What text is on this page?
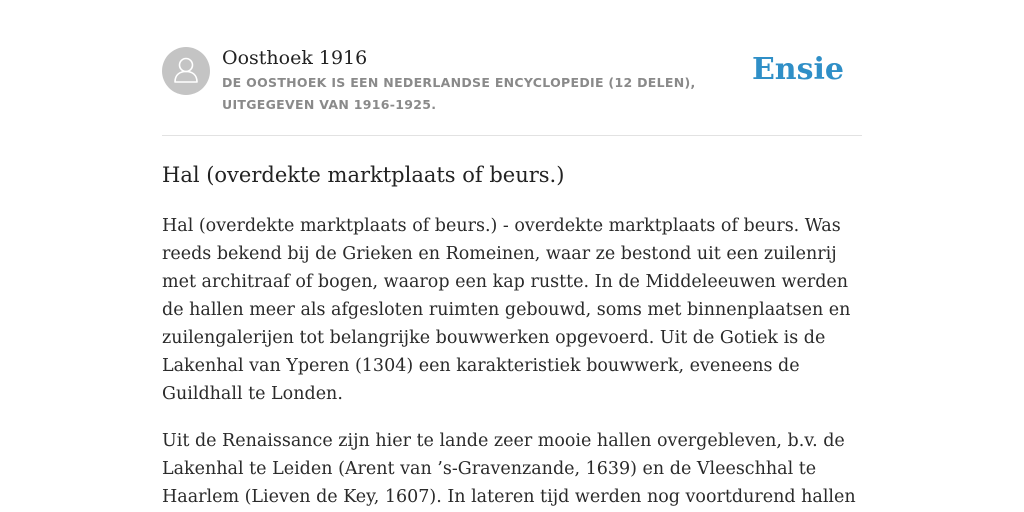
Oosthoek 1916
DE OOSTHOEK IS EEN NEDERLANDSE ENCYCLOPEDIE (12 DELEN), UITGEGEVEN VAN 1916-1925.
Ensie
Hal (overdekte marktplaats of beurs.)

Hal (overdekte marktplaats of beurs.) - overdekte marktplaats of beurs. Was reeds bekend bij de Grieken en Romeinen, waar ze bestond uit een zuilenrij met architraaf of bogen, waarop een kap rustte. In de Middeleeuwen werden de hallen meer als afgesloten ruimten gebouwd, soms met binnenplaatsen en zuilengalerijen tot belangrijke bouwwerken opgevoerd. Uit de Gotiek is de Lakenhal van Yperen (1304) een karakteristiek bouwwerk, eveneens de Guildhall te Londen.

Uit de Renaissance zijn hier te lande zeer mooie hallen overgebleven, b.v. de Lakenhal te Leiden (Arent van ’s-Gravenzande, 1639) en de Vleeschhal te Haarlem (Lieven de Key, 1607). In lateren tijd werden nog voortdurend hallen
